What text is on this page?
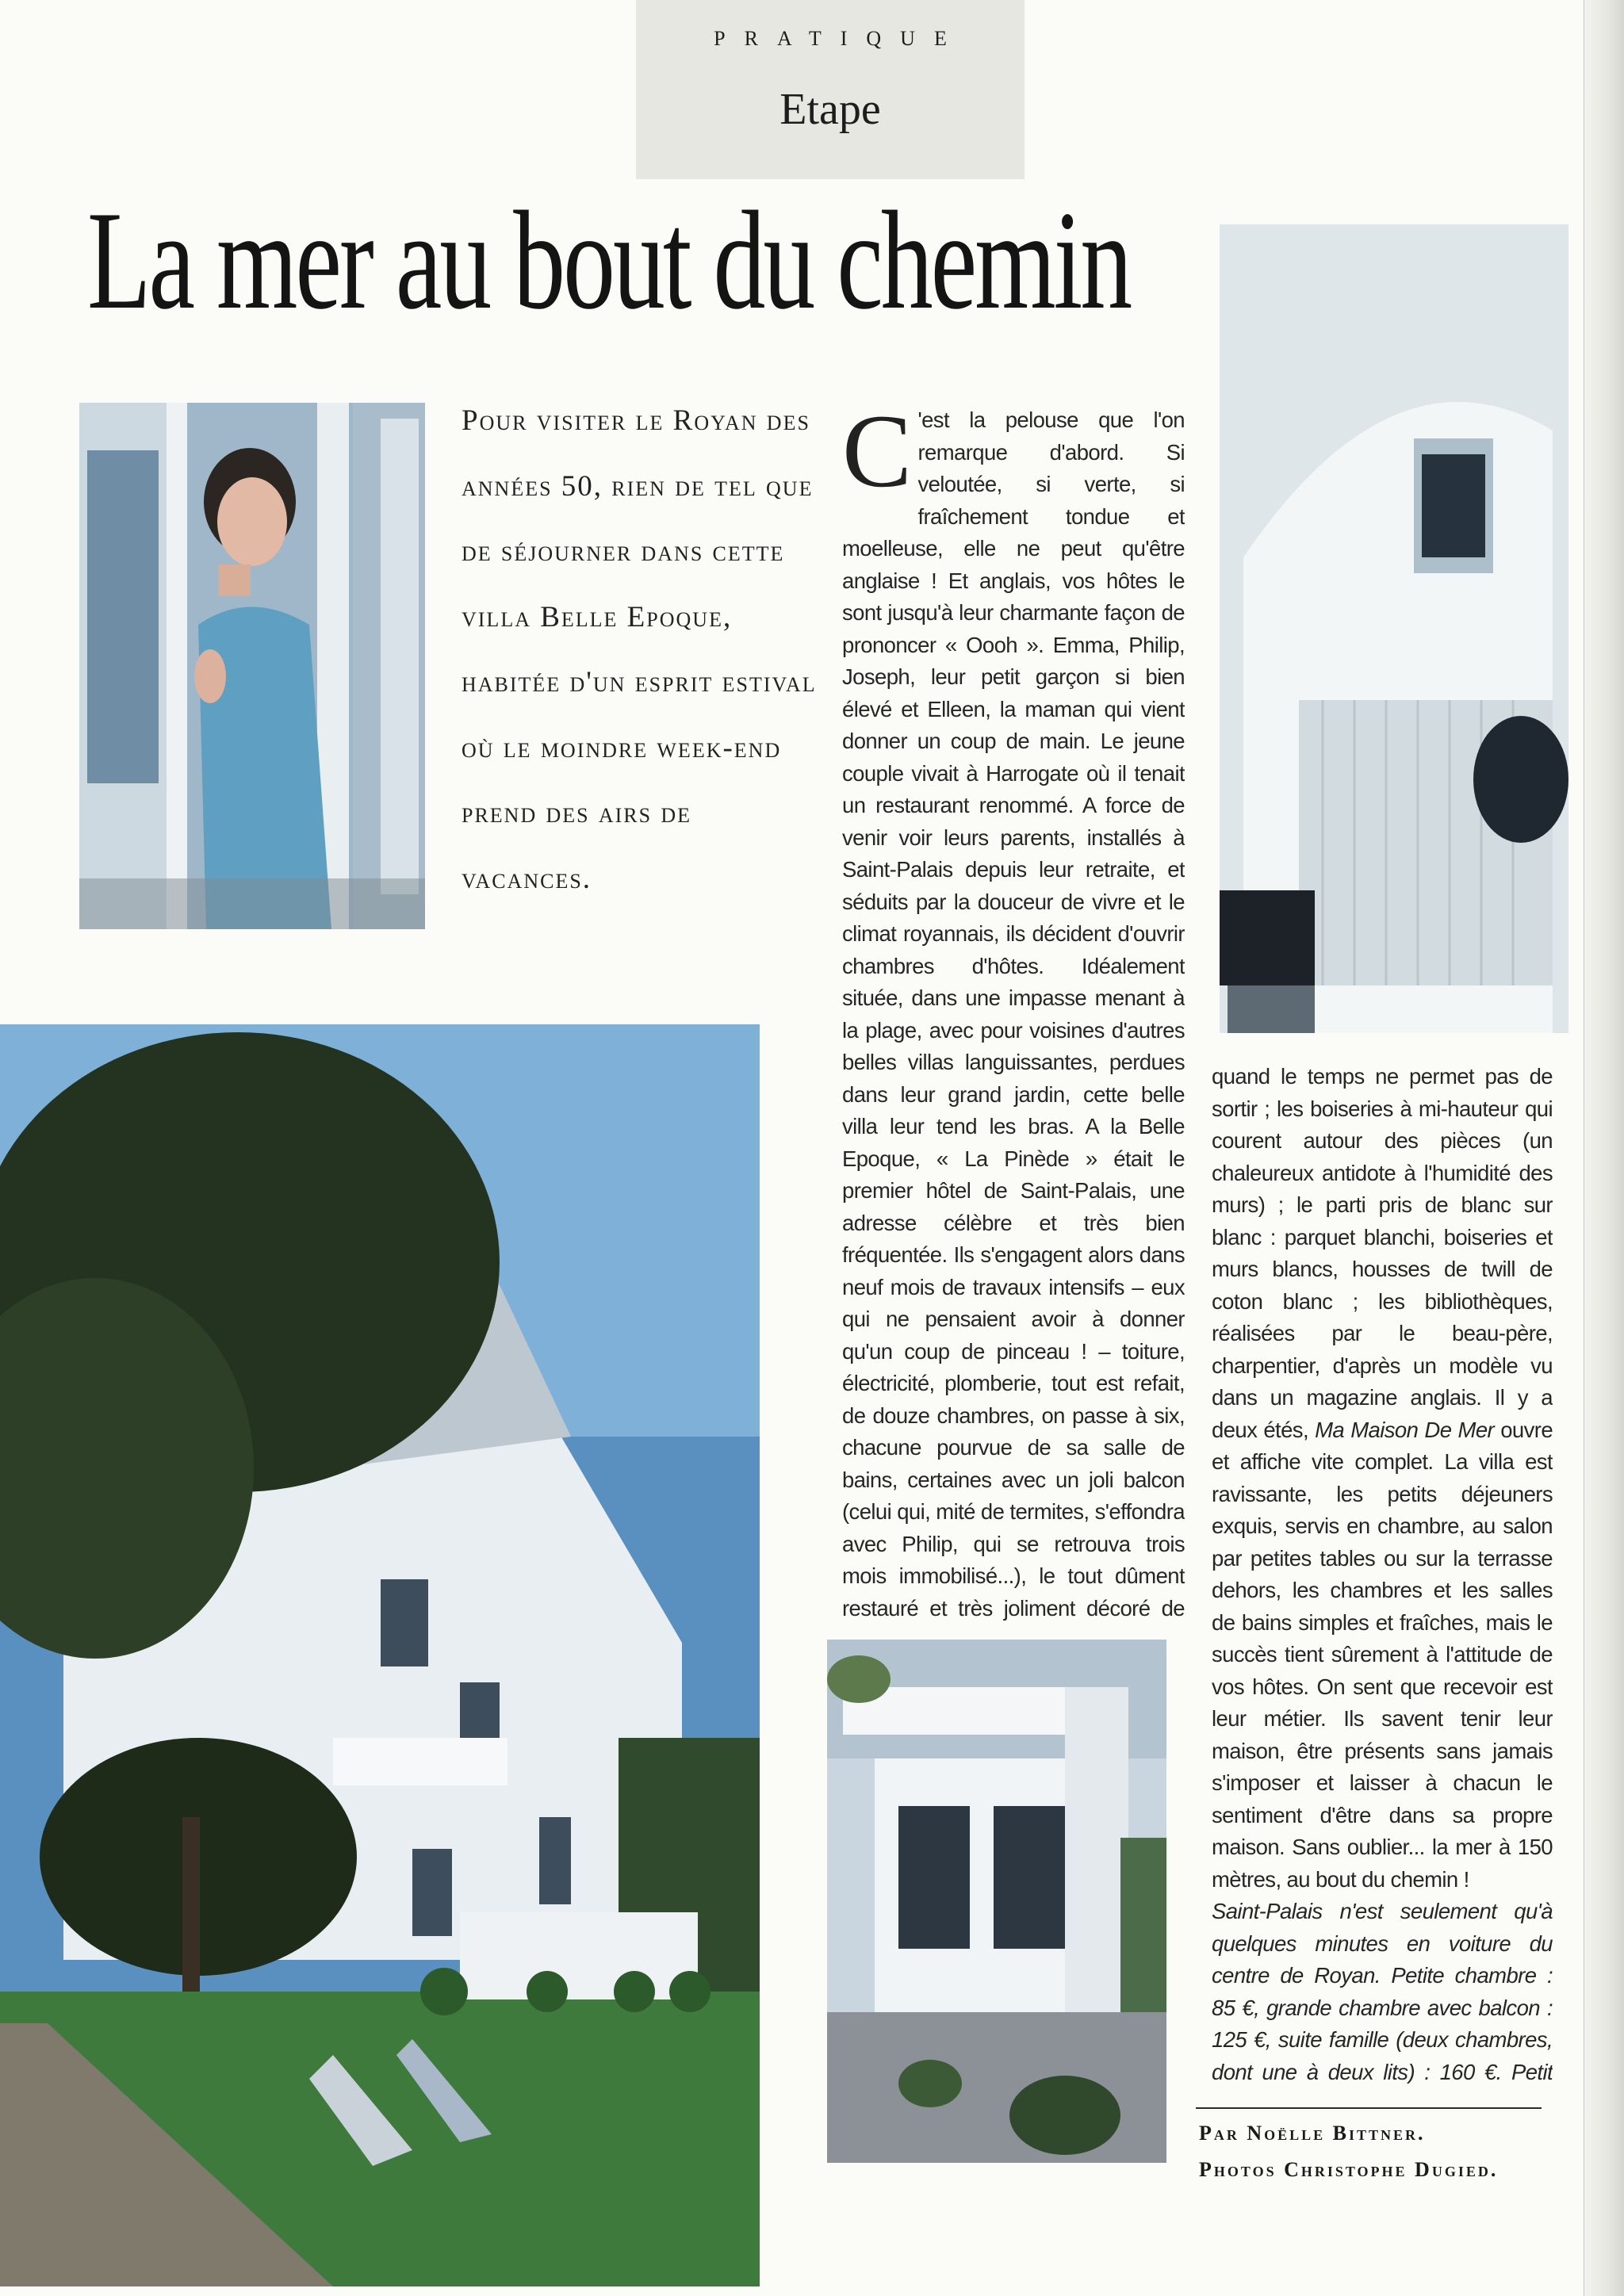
PRATIQUE
Etape
La mer au bout du chemin
Pour visiter le Royan des années 50, rien de tel que de séjourner dans cette villa Belle Epoque, habitée d'un esprit estival où le moindre week-end prend des airs de vacances.
C 'est la pelouse que l'on remarque d'abord. Si veloutée, si verte, si fraîchement tondue et moelleuse, elle ne peut qu'être anglaise ! Et anglais, vos hôtes le sont jusqu'à leur charmante façon de prononcer « Oooh ». Emma, Philip, Joseph, leur petit garçon si bien élevé et Elleen, la maman qui vient donner un coup de main. Le jeune couple vivait à Harrogate où il tenait un restaurant renommé. A force de venir voir leurs parents, installés à Saint-Palais depuis leur retraite, et séduits par la douceur de vivre et le climat royannais, ils décident d'ouvrir chambres d'hôtes. Idéalement située, dans une impasse menant à la plage, avec pour voisines d'autres belles villas languissantes, perdues dans leur grand jardin, cette belle villa leur tend les bras. A la Belle Epoque, « La Pinède » était le premier hôtel de Saint-Palais, une adresse célèbre et très bien fréquentée. Ils s'engagent alors dans neuf mois de travaux intensifs – eux qui ne pensaient avoir à donner qu'un coup de pinceau ! – toiture, électricité, plomberie, tout est refait, de douze chambres, on passe à six, chacune pourvue de sa salle de bains, certaines avec un joli balcon (celui qui, mité de termites, s'effondra avec Philip, qui se retrouva trois mois immobilisé...), le tout dûment restauré et très joliment décoré de
quand le temps ne permet pas de sortir ; les boiseries à mi-hauteur qui courent autour des pièces (un chaleureux antidote à l'humidité des murs) ; le parti pris de blanc sur blanc : parquet blanchi, boiseries et murs blancs, housses de twill de coton blanc ; les bibliothèques, réalisées par le beau-père, charpentier, d'après un modèle vu dans un magazine anglais. Il y a deux étés, Ma Maison De Mer ouvre et affiche vite complet. La villa est ravissante, les petits déjeuners exquis, servis en chambre, au salon par petites tables ou sur la terrasse dehors, les chambres et les salles de bains simples et fraîches, mais le succès tient sûrement à l'attitude de vos hôtes. On sent que recevoir est leur métier. Ils savent tenir leur maison, être présents sans jamais s'imposer et laisser à chacun le sentiment d'être dans sa propre maison. Sans oublier... la mer à 150 mètres, au bout du chemin !
Saint-Palais n'est seulement qu'à quelques minutes en voiture du centre de Royan. Petite chambre : 85 €, grande chambre avec balcon : 125 €, suite famille (deux chambres, dont une à deux lits) : 160 €. Petit
Par Noëlle Bittner.
Photos Christophe Dugied.
